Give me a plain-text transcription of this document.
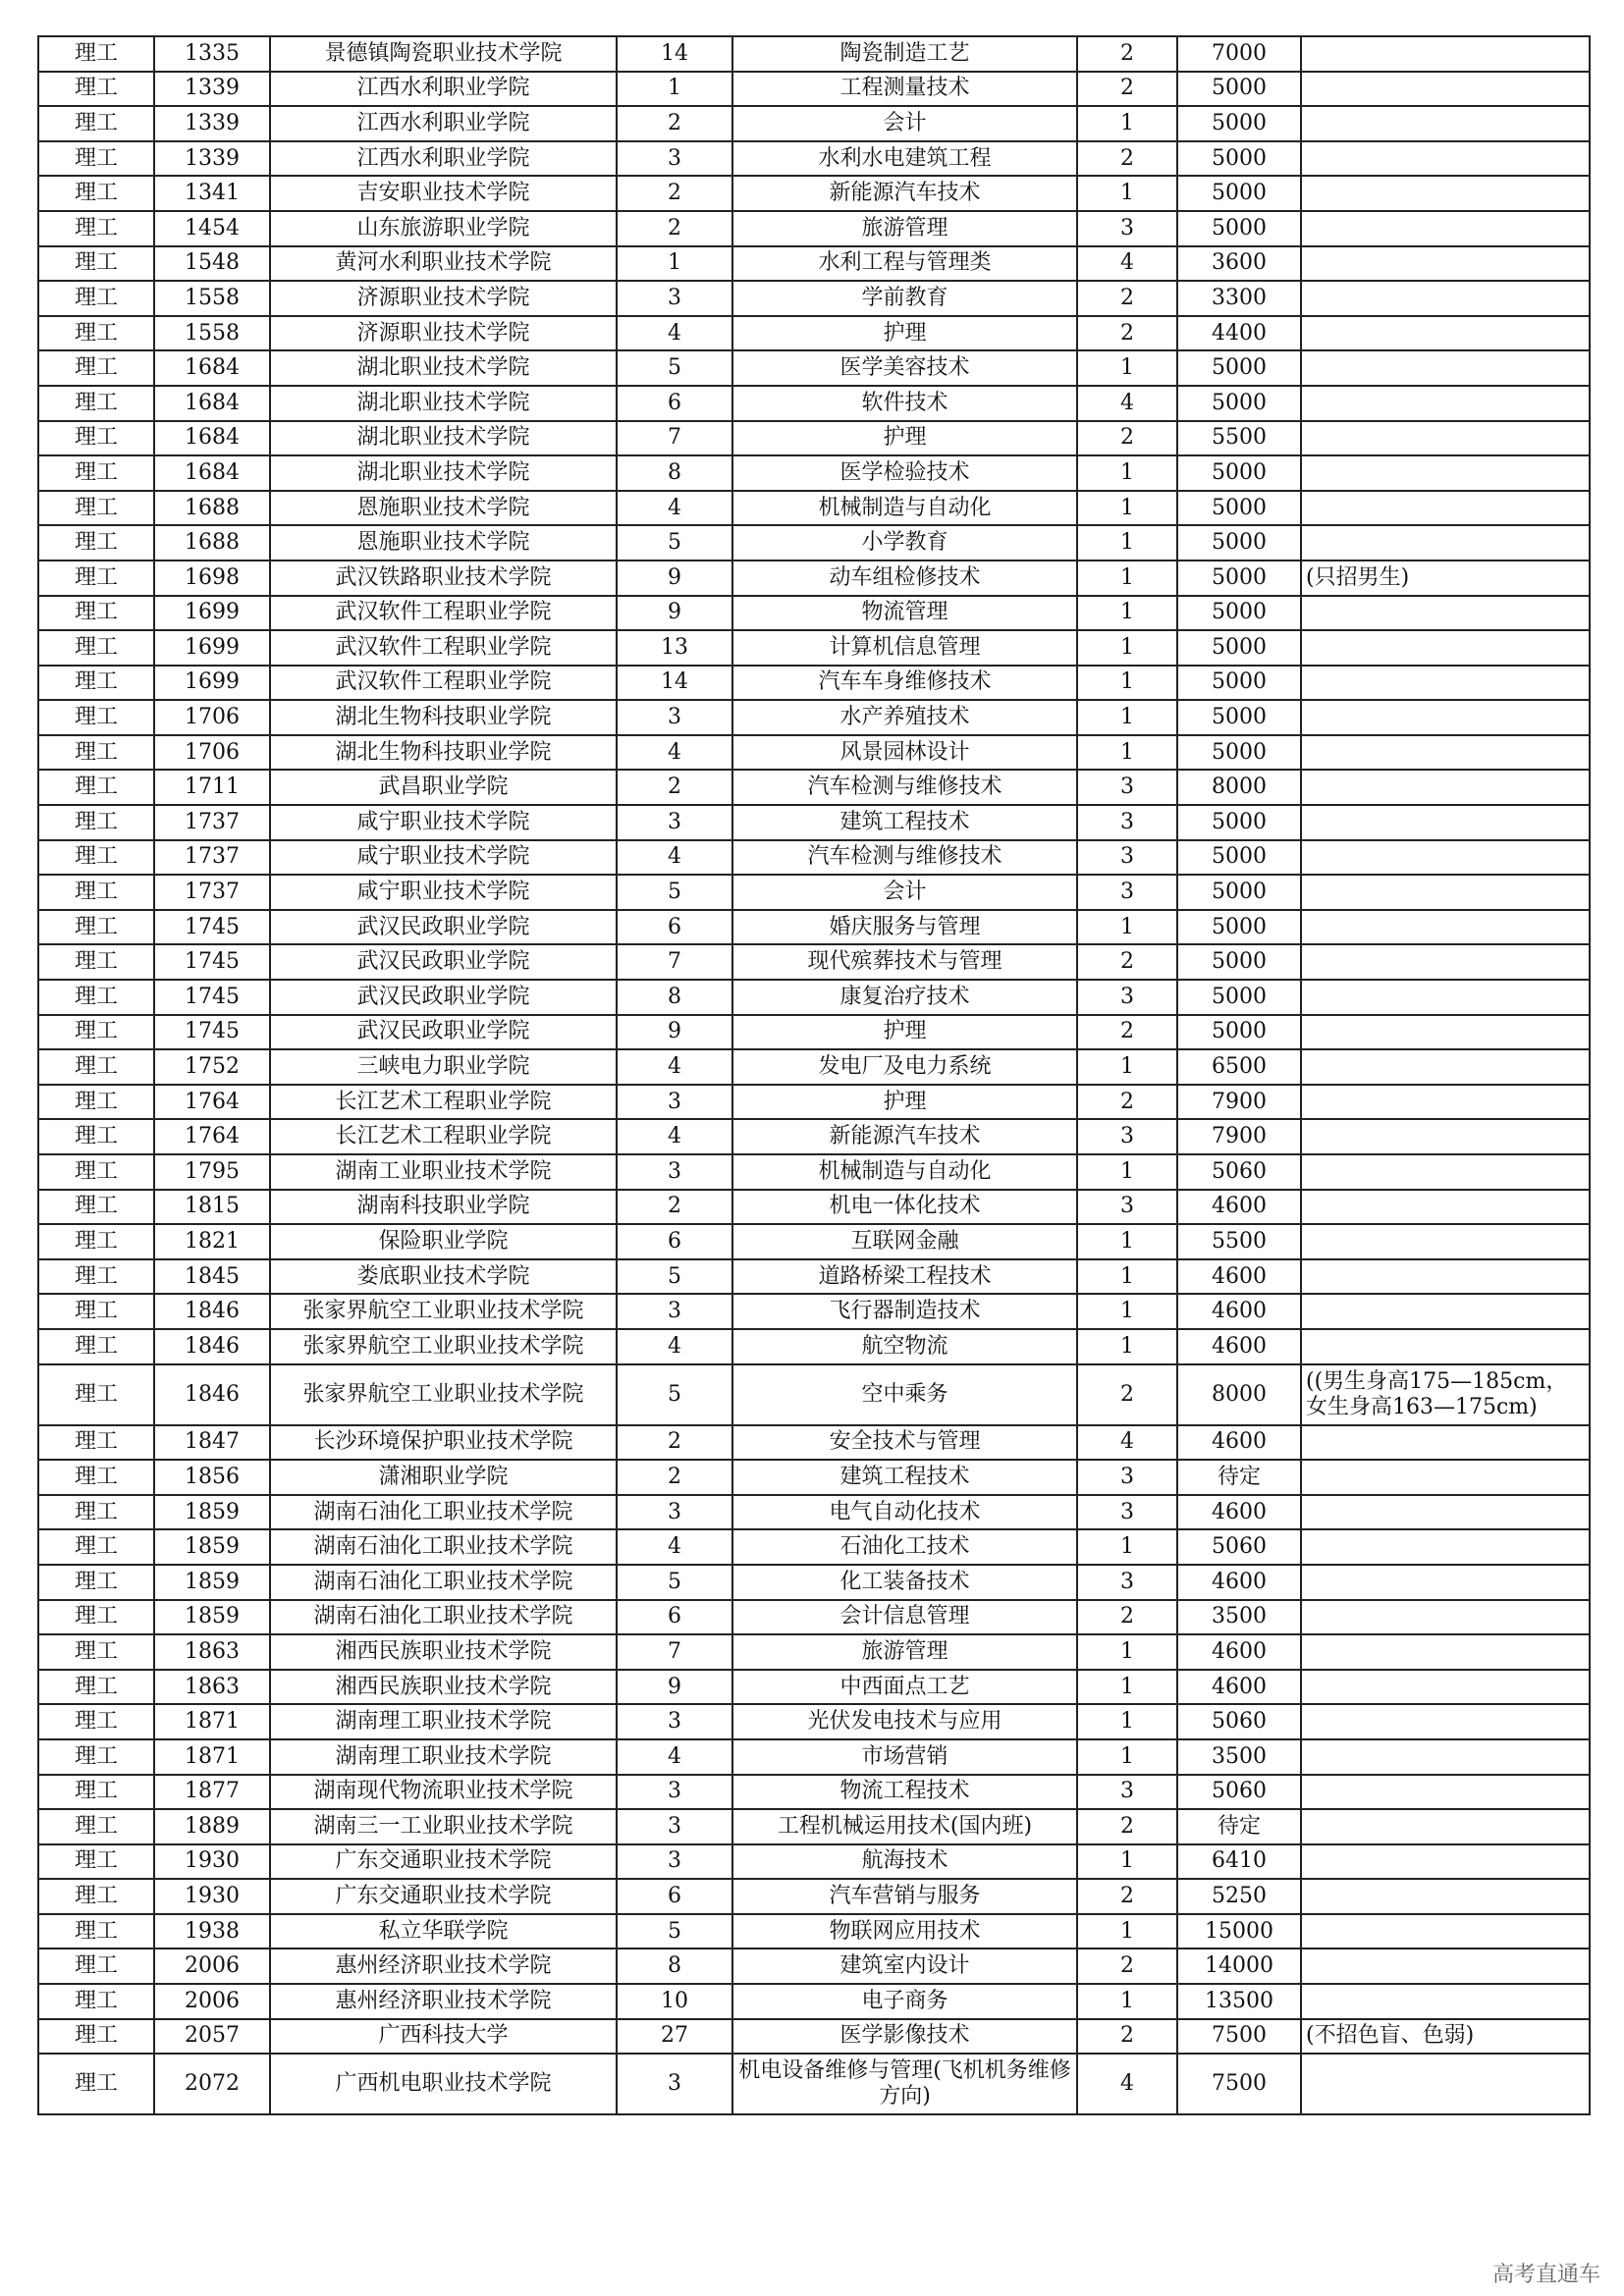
理工	1335	景德镇陶瓷职业技术学院	14	陶瓷制造工艺	2	7000	
理工	1339	江西水利职业学院	1	工程测量技术	2	5000	
理工	1339	江西水利职业学院	2	会计	1	5000	
理工	1339	江西水利职业学院	3	水利水电建筑工程	2	5000	
理工	1341	吉安职业技术学院	2	新能源汽车技术	1	5000	
理工	1454	山东旅游职业学院	2	旅游管理	3	5000	
理工	1548	黄河水利职业技术学院	1	水利工程与管理类	4	3600	
理工	1558	济源职业技术学院	3	学前教育	2	3300	
理工	1558	济源职业技术学院	4	护理	2	4400	
理工	1684	湖北职业技术学院	5	医学美容技术	1	5000	
理工	1684	湖北职业技术学院	6	软件技术	4	5000	
理工	1684	湖北职业技术学院	7	护理	2	5500	
理工	1684	湖北职业技术学院	8	医学检验技术	1	5000	
理工	1688	恩施职业技术学院	4	机械制造与自动化	1	5000	
理工	1688	恩施职业技术学院	5	小学教育	1	5000	
理工	1698	武汉铁路职业技术学院	9	动车组检修技术	1	5000	(只招男生)
理工	1699	武汉软件工程职业学院	9	物流管理	1	5000	
理工	1699	武汉软件工程职业学院	13	计算机信息管理	1	5000	
理工	1699	武汉软件工程职业学院	14	汽车车身维修技术	1	5000	
理工	1706	湖北生物科技职业学院	3	水产养殖技术	1	5000	
理工	1706	湖北生物科技职业学院	4	风景园林设计	1	5000	
理工	1711	武昌职业学院	2	汽车检测与维修技术	3	8000	
理工	1737	咸宁职业技术学院	3	建筑工程技术	3	5000	
理工	1737	咸宁职业技术学院	4	汽车检测与维修技术	3	5000	
理工	1737	咸宁职业技术学院	5	会计	3	5000	
理工	1745	武汉民政职业学院	6	婚庆服务与管理	1	5000	
理工	1745	武汉民政职业学院	7	现代殡葬技术与管理	2	5000	
理工	1745	武汉民政职业学院	8	康复治疗技术	3	5000	
理工	1745	武汉民政职业学院	9	护理	2	5000	
理工	1752	三峡电力职业学院	4	发电厂及电力系统	1	6500	
理工	1764	长江艺术工程职业学院	3	护理	2	7900	
理工	1764	长江艺术工程职业学院	4	新能源汽车技术	3	7900	
理工	1795	湖南工业职业技术学院	3	机械制造与自动化	1	5060	
理工	1815	湖南科技职业学院	2	机电一体化技术	3	4600	
理工	1821	保险职业学院	6	互联网金融	1	5500	
理工	1845	娄底职业技术学院	5	道路桥梁工程技术	1	4600	
理工	1846	张家界航空工业职业技术学院	3	飞行器制造技术	1	4600	
理工	1846	张家界航空工业职业技术学院	4	航空物流	1	4600	
理工	1846	张家界航空工业职业技术学院	5	空中乘务	2	8000	((男生身高175—185cm，女生身高163—175cm)
理工	1847	长沙环境保护职业技术学院	2	安全技术与管理	4	4600	
理工	1856	潇湘职业学院	2	建筑工程技术	3	待定	
理工	1859	湖南石油化工职业技术学院	3	电气自动化技术	3	4600	
理工	1859	湖南石油化工职业技术学院	4	石油化工技术	1	5060	
理工	1859	湖南石油化工职业技术学院	5	化工装备技术	3	4600	
理工	1859	湖南石油化工职业技术学院	6	会计信息管理	2	3500	
理工	1863	湘西民族职业技术学院	7	旅游管理	1	4600	
理工	1863	湘西民族职业技术学院	9	中西面点工艺	1	4600	
理工	1871	湖南理工职业技术学院	3	光伏发电技术与应用	1	5060	
理工	1871	湖南理工职业技术学院	4	市场营销	1	3500	
理工	1877	湖南现代物流职业技术学院	3	物流工程技术	3	5060	
理工	1889	湖南三一工业职业技术学院	3	工程机械运用技术(国内班)	2	待定	
理工	1930	广东交通职业技术学院	3	航海技术	1	6410	
理工	1930	广东交通职业技术学院	6	汽车营销与服务	2	5250	
理工	1938	私立华联学院	5	物联网应用技术	1	15000	
理工	2006	惠州经济职业技术学院	8	建筑室内设计	2	14000	
理工	2006	惠州经济职业技术学院	10	电子商务	1	13500	
理工	2057	广西科技大学	27	医学影像技术	2	7500	(不招色盲、色弱)
理工	2072	广西机电职业技术学院	3	机电设备维修与管理(飞机机务维修方向)	4	7500	
高考直通车
